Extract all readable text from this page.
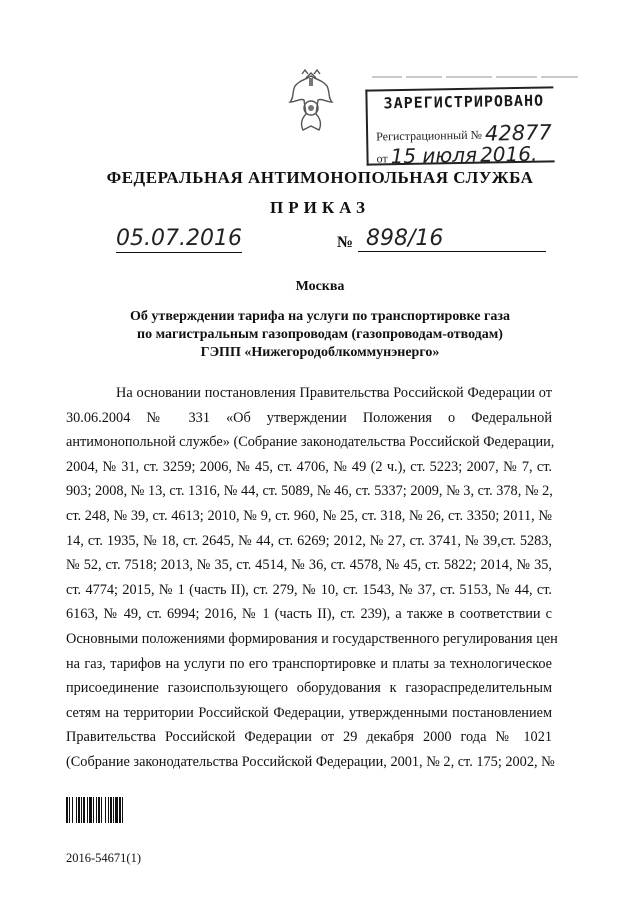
ЗАРЕГИСТРИРОВАНО
Регистрационный № 42877
от 15 июля 2016.
ФЕДЕРАЛЬНАЯ АНТИМОНОПОЛЬНАЯ СЛУЖБА
ПРИКАЗ
05.07.2016	№ 898/16
Москва
Об утверждении тарифа на услуги по транспортировке газа
по магистральным газопроводам (газопроводам-отводам)
ГЭПП «Нижегородоблкоммунэнерго»
На основании постановления Правительства Российской Федерации от
30.06.2004 № 331 «Об утверждении Положения о Федеральной
антимонопольной службе» (Собрание законодательства Российской Федерации,
2004, № 31, ст. 3259; 2006, № 45, ст. 4706, № 49 (2 ч.), ст. 5223; 2007, № 7, ст.
903; 2008, № 13, ст. 1316, № 44, ст. 5089, № 46, ст. 5337; 2009, № 3, ст. 378, № 2,
ст. 248, № 39, ст. 4613; 2010, № 9, ст. 960, № 25, ст. 318, № 26, ст. 3350; 2011, №
14, ст. 1935, № 18, ст. 2645, № 44, ст. 6269; 2012, № 27, ст. 3741, № 39,ст. 5283,
№ 52, ст. 7518; 2013, № 35, ст. 4514, № 36, ст. 4578, № 45, ст. 5822; 2014, № 35,
ст. 4774; 2015, № 1 (часть II), ст. 279, № 10, ст. 1543, № 37, ст. 5153, № 44, ст.
6163, № 49, ст. 6994; 2016, № 1 (часть II), ст. 239), а также в соответствии с
Основными положениями формирования и государственного регулирования цен
на газ, тарифов на услуги по его транспортировке и платы за технологическое
присоединение газоиспользующего оборудования к газораспределительным
сетям на территории Российской Федерации, утвержденными постановлением
Правительства Российской Федерации от 29 декабря 2000 года № 1021
(Собрание законодательства Российской Федерации, 2001, № 2, ст. 175; 2002, №
2016-54671(1)
